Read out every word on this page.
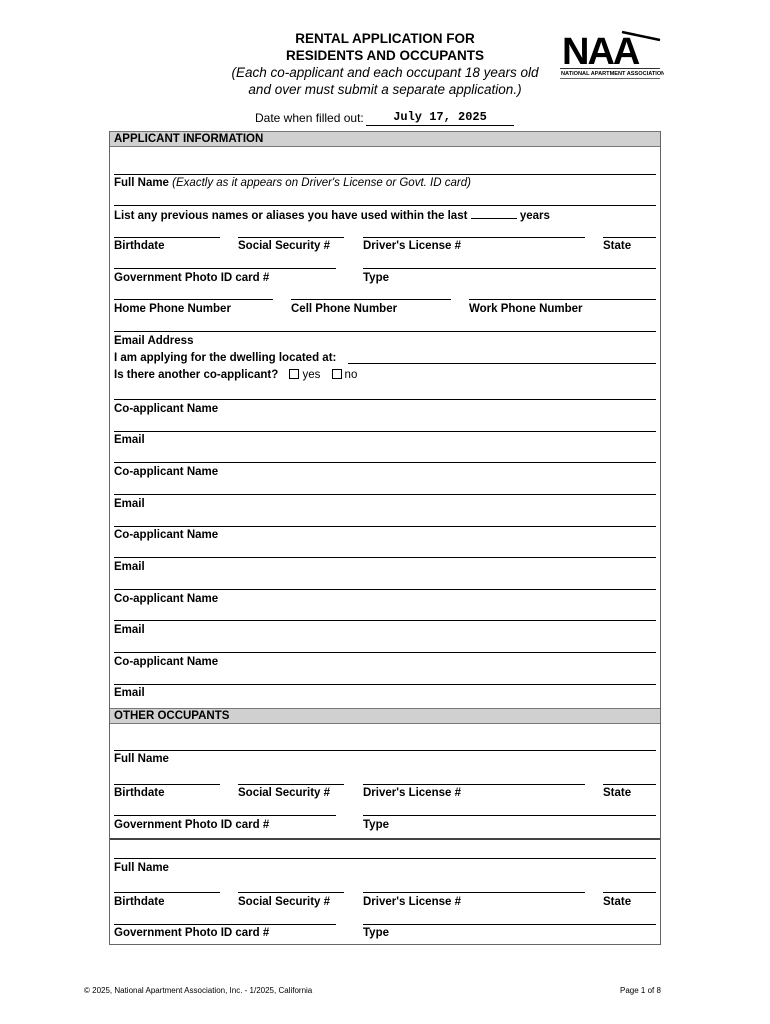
RENTAL APPLICATION FOR
RESIDENTS AND OCCUPANTS
(Each co-applicant and each occupant 18 years old
and over must submit a separate application.)
NAA
NATIONAL APARTMENT ASSOCIATION
Date when filled out:	July 17, 2025
APPLICANT INFORMATION
Full Name (Exactly as it appears on Driver's License or Govt. ID card)
List any previous names or aliases you have used within the last	years
Birthdate	Social Security #	Driver's License #	State
Government Photo ID card #	Type
Home Phone Number	Cell Phone Number	Work Phone Number
Email Address
I am applying for the dwelling located at:
Is there another co-applicant? yes no
Co-applicant Name
Email
Co-applicant Name
Email
Co-applicant Name
Email
Co-applicant Name
Email
Co-applicant Name
Email
OTHER OCCUPANTS
Full Name
Birthdate	Social Security #	Driver's License #	State
Government Photo ID card #	Type
Full Name
Birthdate	Social Security #	Driver's License #	State
Government Photo ID card #	Type
© 2025, National Apartment Association, Inc. - 1/2025, California	Page 1 of 8
